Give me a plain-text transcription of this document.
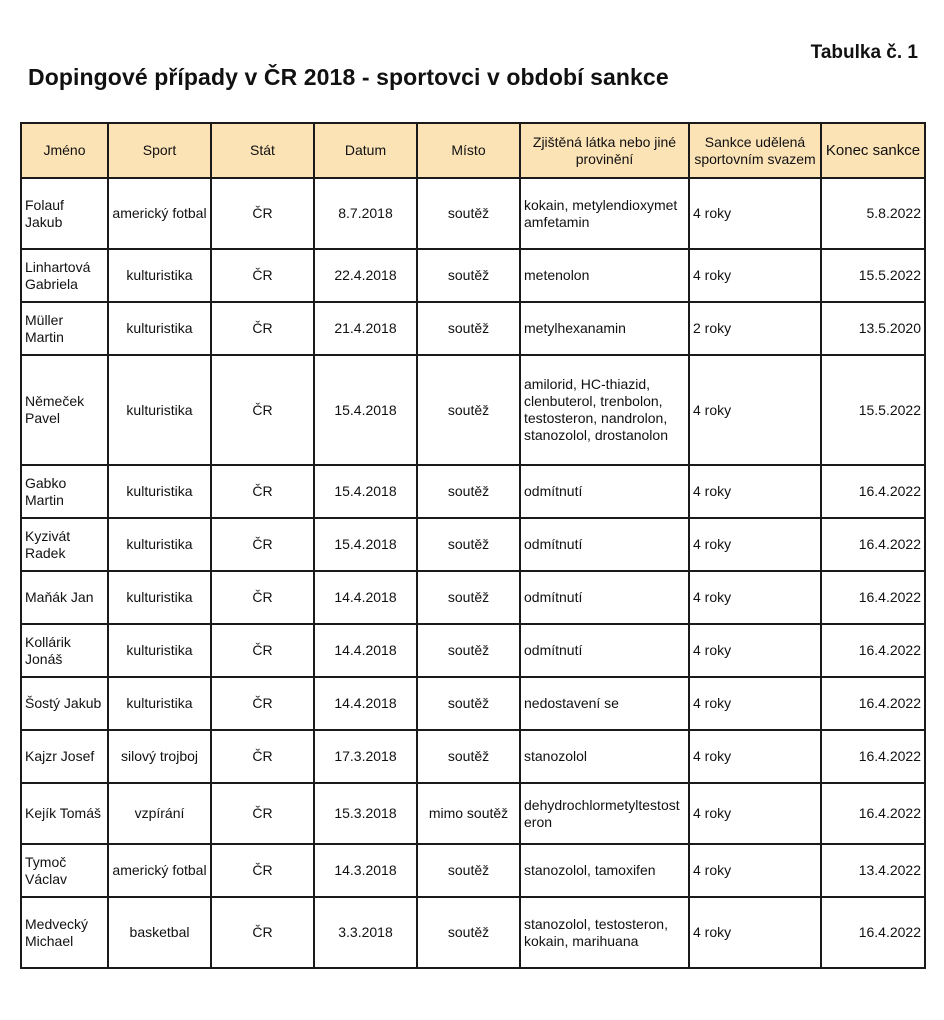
Tabulka č. 1
Dopingové případy v ČR 2018 - sportovci v období sankce
Jméno	Sport	Stát	Datum	Místo	Zjištěná látka nebo jiné provinění	Sankce udělená sportovním svazem	Konec sankce
Folauf Jakub	americký fotbal	ČR	8.7.2018	soutěž	kokain, metylendioxymetamfetamin	4 roky	5.8.2022
Linhartová Gabriela	kulturistika	ČR	22.4.2018	soutěž	metenolon	4 roky	15.5.2022
Müller Martin	kulturistika	ČR	21.4.2018	soutěž	metylhexanamin	2 roky	13.5.2020
Němeček Pavel	kulturistika	ČR	15.4.2018	soutěž	amilorid, HC-thiazid, clenbuterol, trenbolon, testosteron, nandrolon, stanozolol, drostanolon	4 roky	15.5.2022
Gabko Martin	kulturistika	ČR	15.4.2018	soutěž	odmítnutí	4 roky	16.4.2022
Kyzivát Radek	kulturistika	ČR	15.4.2018	soutěž	odmítnutí	4 roky	16.4.2022
Maňák Jan	kulturistika	ČR	14.4.2018	soutěž	odmítnutí	4 roky	16.4.2022
Kollárik Jonáš	kulturistika	ČR	14.4.2018	soutěž	odmítnutí	4 roky	16.4.2022
Šostý Jakub	kulturistika	ČR	14.4.2018	soutěž	nedostavení se	4 roky	16.4.2022
Kajzr Josef	silový trojboj	ČR	17.3.2018	soutěž	stanozolol	4 roky	16.4.2022
Kejík Tomáš	vzpírání	ČR	15.3.2018	mimo soutěž	dehydrochlormetyltestosteron	4 roky	16.4.2022
Tymoč Václav	americký fotbal	ČR	14.3.2018	soutěž	stanozolol, tamoxifen	4 roky	13.4.2022
Medvecký Michael	basketbal	ČR	3.3.2018	soutěž	stanozolol, testosteron, kokain, marihuana	4 roky	16.4.2022
